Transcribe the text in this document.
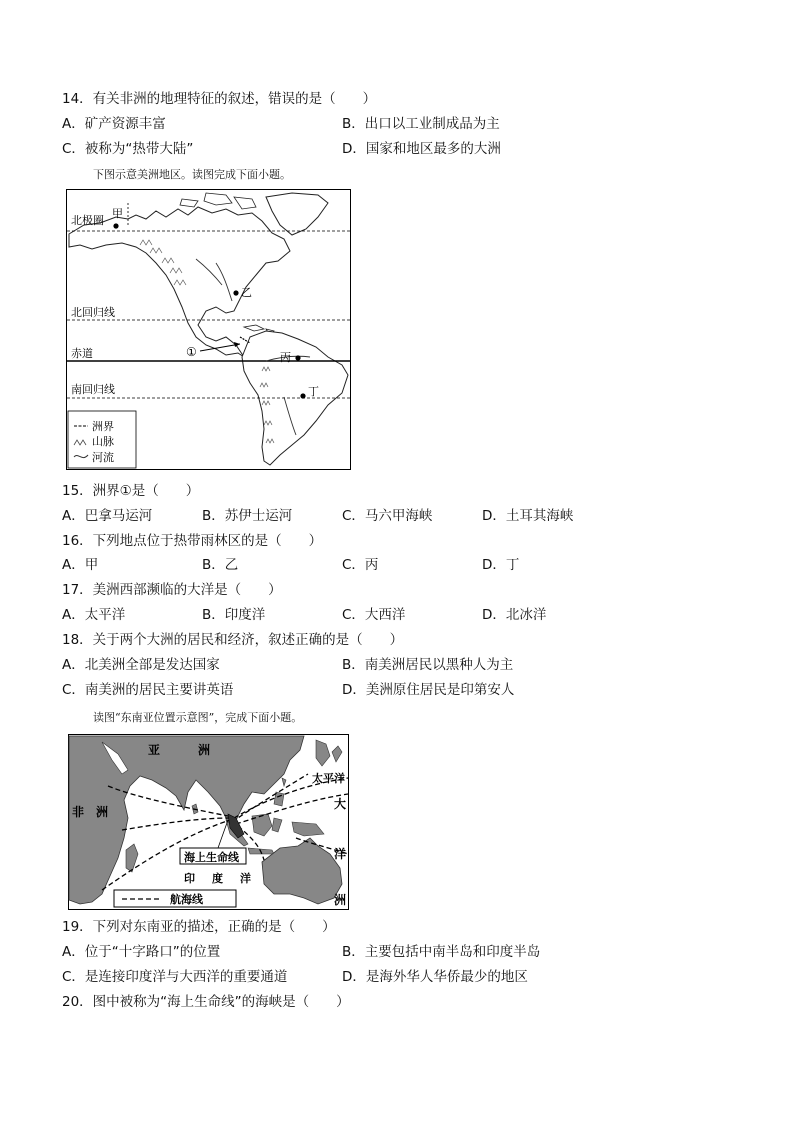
14．有关非洲的地理特征的叙述，错误的是（　　）
A．矿产资源丰富	B．出口以工业制成品为主
C．被称为“热带大陆”	D．国家和地区最多的大洲
下图示意美洲地区。读图完成下面小题。
北极圈
北回归线
赤道
南回归线
甲
乙
丙
丁
①
洲界
山脉
河流
15．洲界①是（　　）
A．巴拿马运河	B．苏伊士运河	C．马六甲海峡	D．土耳其海峡
16．下列地点位于热带雨林区的是（　　）
A．甲	B．乙	C．丙	D．丁
17．美洲西部濒临的大洋是（　　）
A．太平洋	B．印度洋	C．大西洋	D．北冰洋
18．关于两个大洲的居民和经济，叙述正确的是（　　）
A．北美洲全部是发达国家	B．南美洲居民以黑种人为主
C．南美洲的居民主要讲英语	D．美洲原住居民是印第安人
读图“东南亚位置示意图”，完成下面小题。
亚	洲
非 洲
太平洋
大
洋
洲
海上生命线
印 度 洋
航海线
19．下列对东南亚的描述，正确的是（　　）
A．位于“十字路口”的位置	B．主要包括中南半岛和印度半岛
C．是连接印度洋与大西洋的重要通道	D．是海外华人华侨最少的地区
20．图中被称为“海上生命线”的海峡是（　　）
